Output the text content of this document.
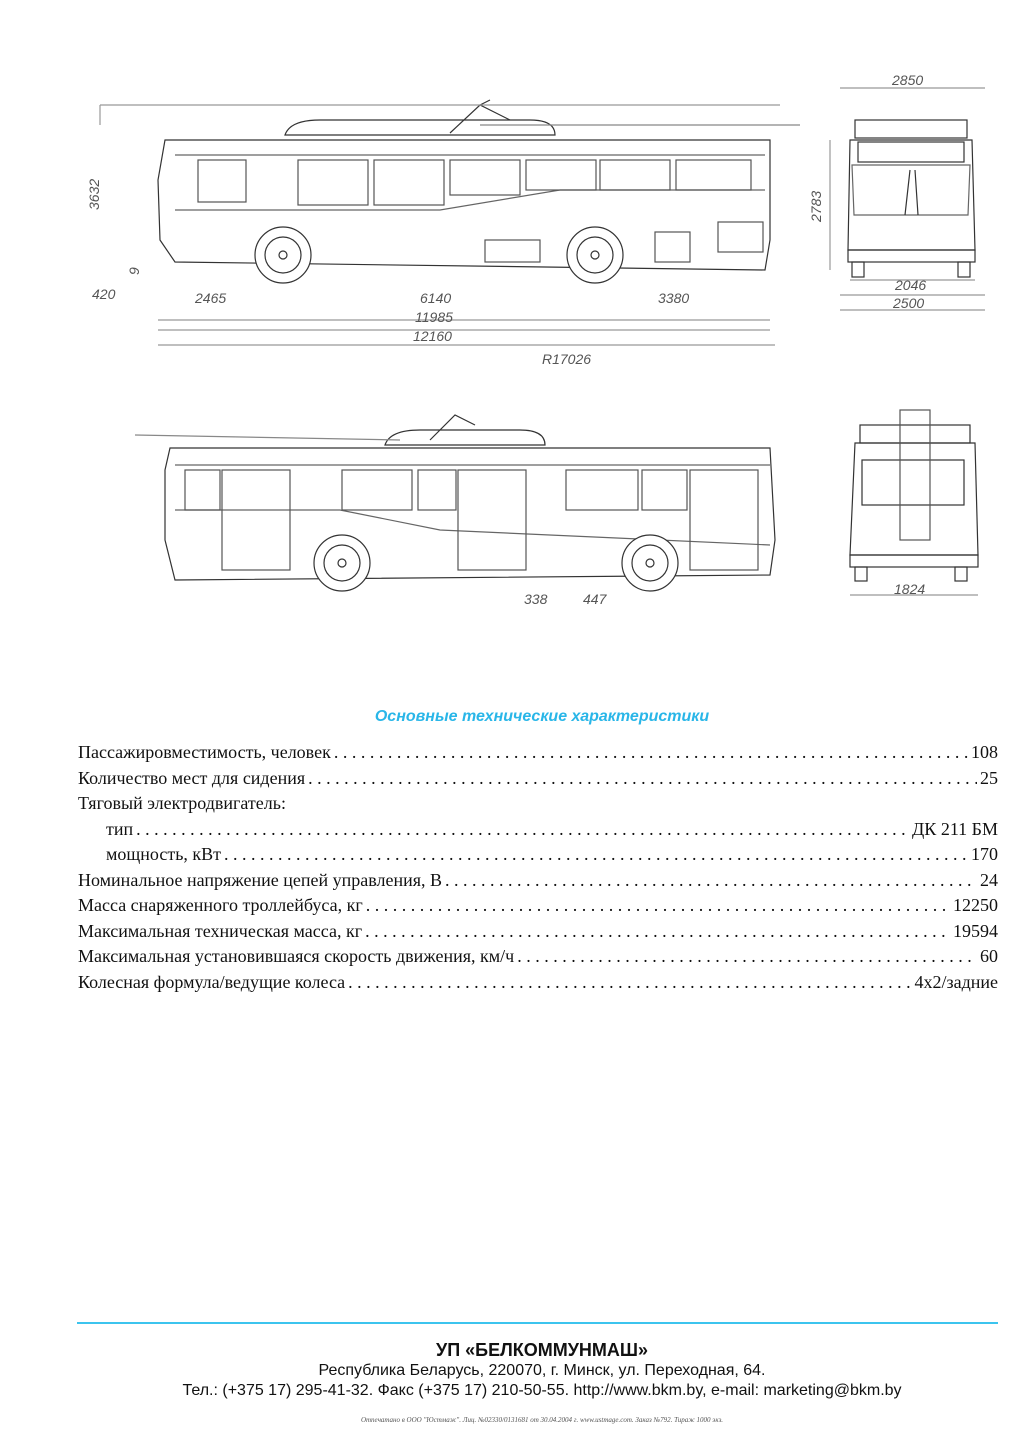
3632
9
420	2465	6140	3380
11985
12160
R17026
2850
2783
2046
2500
338	447
1824
Основные технические характеристики
Пассажировместимость, человек . . .	108
Количество мест для сидения . . .	25
Тяговый электродвигатель:
тип . . .	ДК 211 БМ
мощность, кВт . . .	170
Номинальное напряжение цепей управления, В . . .	24
Масса снаряженного троллейбуса, кг . . .	12250
Максимальная техническая масса, кг . . .	19594
Максимальная установившаяся скорость движения, км/ч . . .	60
Колесная формула/ведущие колеса . . .	4x2/задние
УП «БЕЛКОММУНМАШ»
Республика Беларусь, 220070, г. Минск, ул. Переходная, 64.
Тел.: (+375 17) 295-41-32. Факс (+375 17) 210-50-55. http://www.bkm.by, e-mail: marketing@bkm.by
Отпечатано в ООО "Юстмаж". Лиц. №02330/0131681 от 30.04.2004 г. www.ustmage.com. Заказ №792. Тираж 1000 экз.
